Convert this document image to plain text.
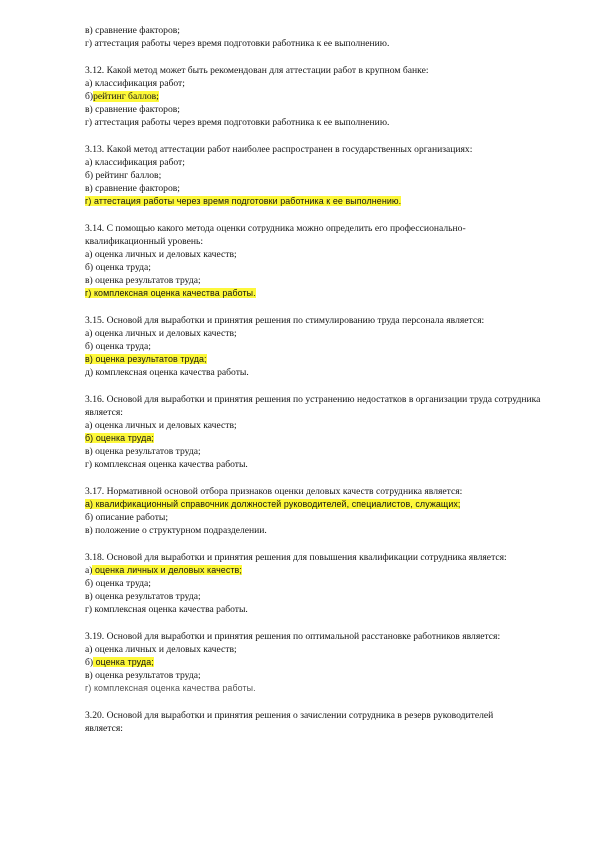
в) сравнение факторов;
г) аттестация работы через время подготовки работника к ее выполнению.
3.12. Какой метод может быть рекомендован для аттестации работ в крупном банке:
а) классификация работ;
б)рейтинг баллов;
в) сравнение факторов;
г) аттестация работы через время подготовки работника к ее выполнению.
3.13. Какой метод аттестации работ наиболее распространен в государственных организациях:
а) классификация работ;
б) рейтинг баллов;
в) сравнение факторов;
г) аттестация работы через время подготовки работника к ее выполнению.
3.14. С помощью какого метода оценки сотрудника можно определить его профессионально-квалификационный уровень:
а) оценка личных и деловых качеств;
б) оценка труда;
в) оценка результатов труда;
г) комплексная оценка качества работы.
3.15. Основой для выработки и принятия решения по стимулированию труда персонала является:
а) оценка личных и деловых качеств;
б) оценка труда;
в) оценка результатов труда;
д) комплексная оценка качества работы.
3.16. Основой для выработки и принятия решения по устранению недостатков в организации труда сотрудника является:
а) оценка личных и деловых качеств;
б) оценка труда;
в) оценка результатов труда;
г) комплексная оценка качества работы.
3.17. Нормативной основой отбора признаков оценки деловых качеств сотрудника является:
а) квалификационный справочник должностей руководителей, специалистов, служащих;
б) описание работы;
в) положение о структурном подразделении.
3.18. Основой для выработки и принятия решения для повышения квалификации сотрудника является:
а) оценка личных и деловых качеств;
б) оценка труда;
в) оценка результатов труда;
г) комплексная оценка качества работы.
3.19. Основой для выработки и принятия решения по оптимальной расстановке работников является:
а) оценка личных и деловых качеств;
б) оценка труда;
в) оценка результатов труда;
г) комплексная оценка качества работы.
3.20. Основой для выработки и принятия решения о зачислении сотрудника в резерв руководителей является:
